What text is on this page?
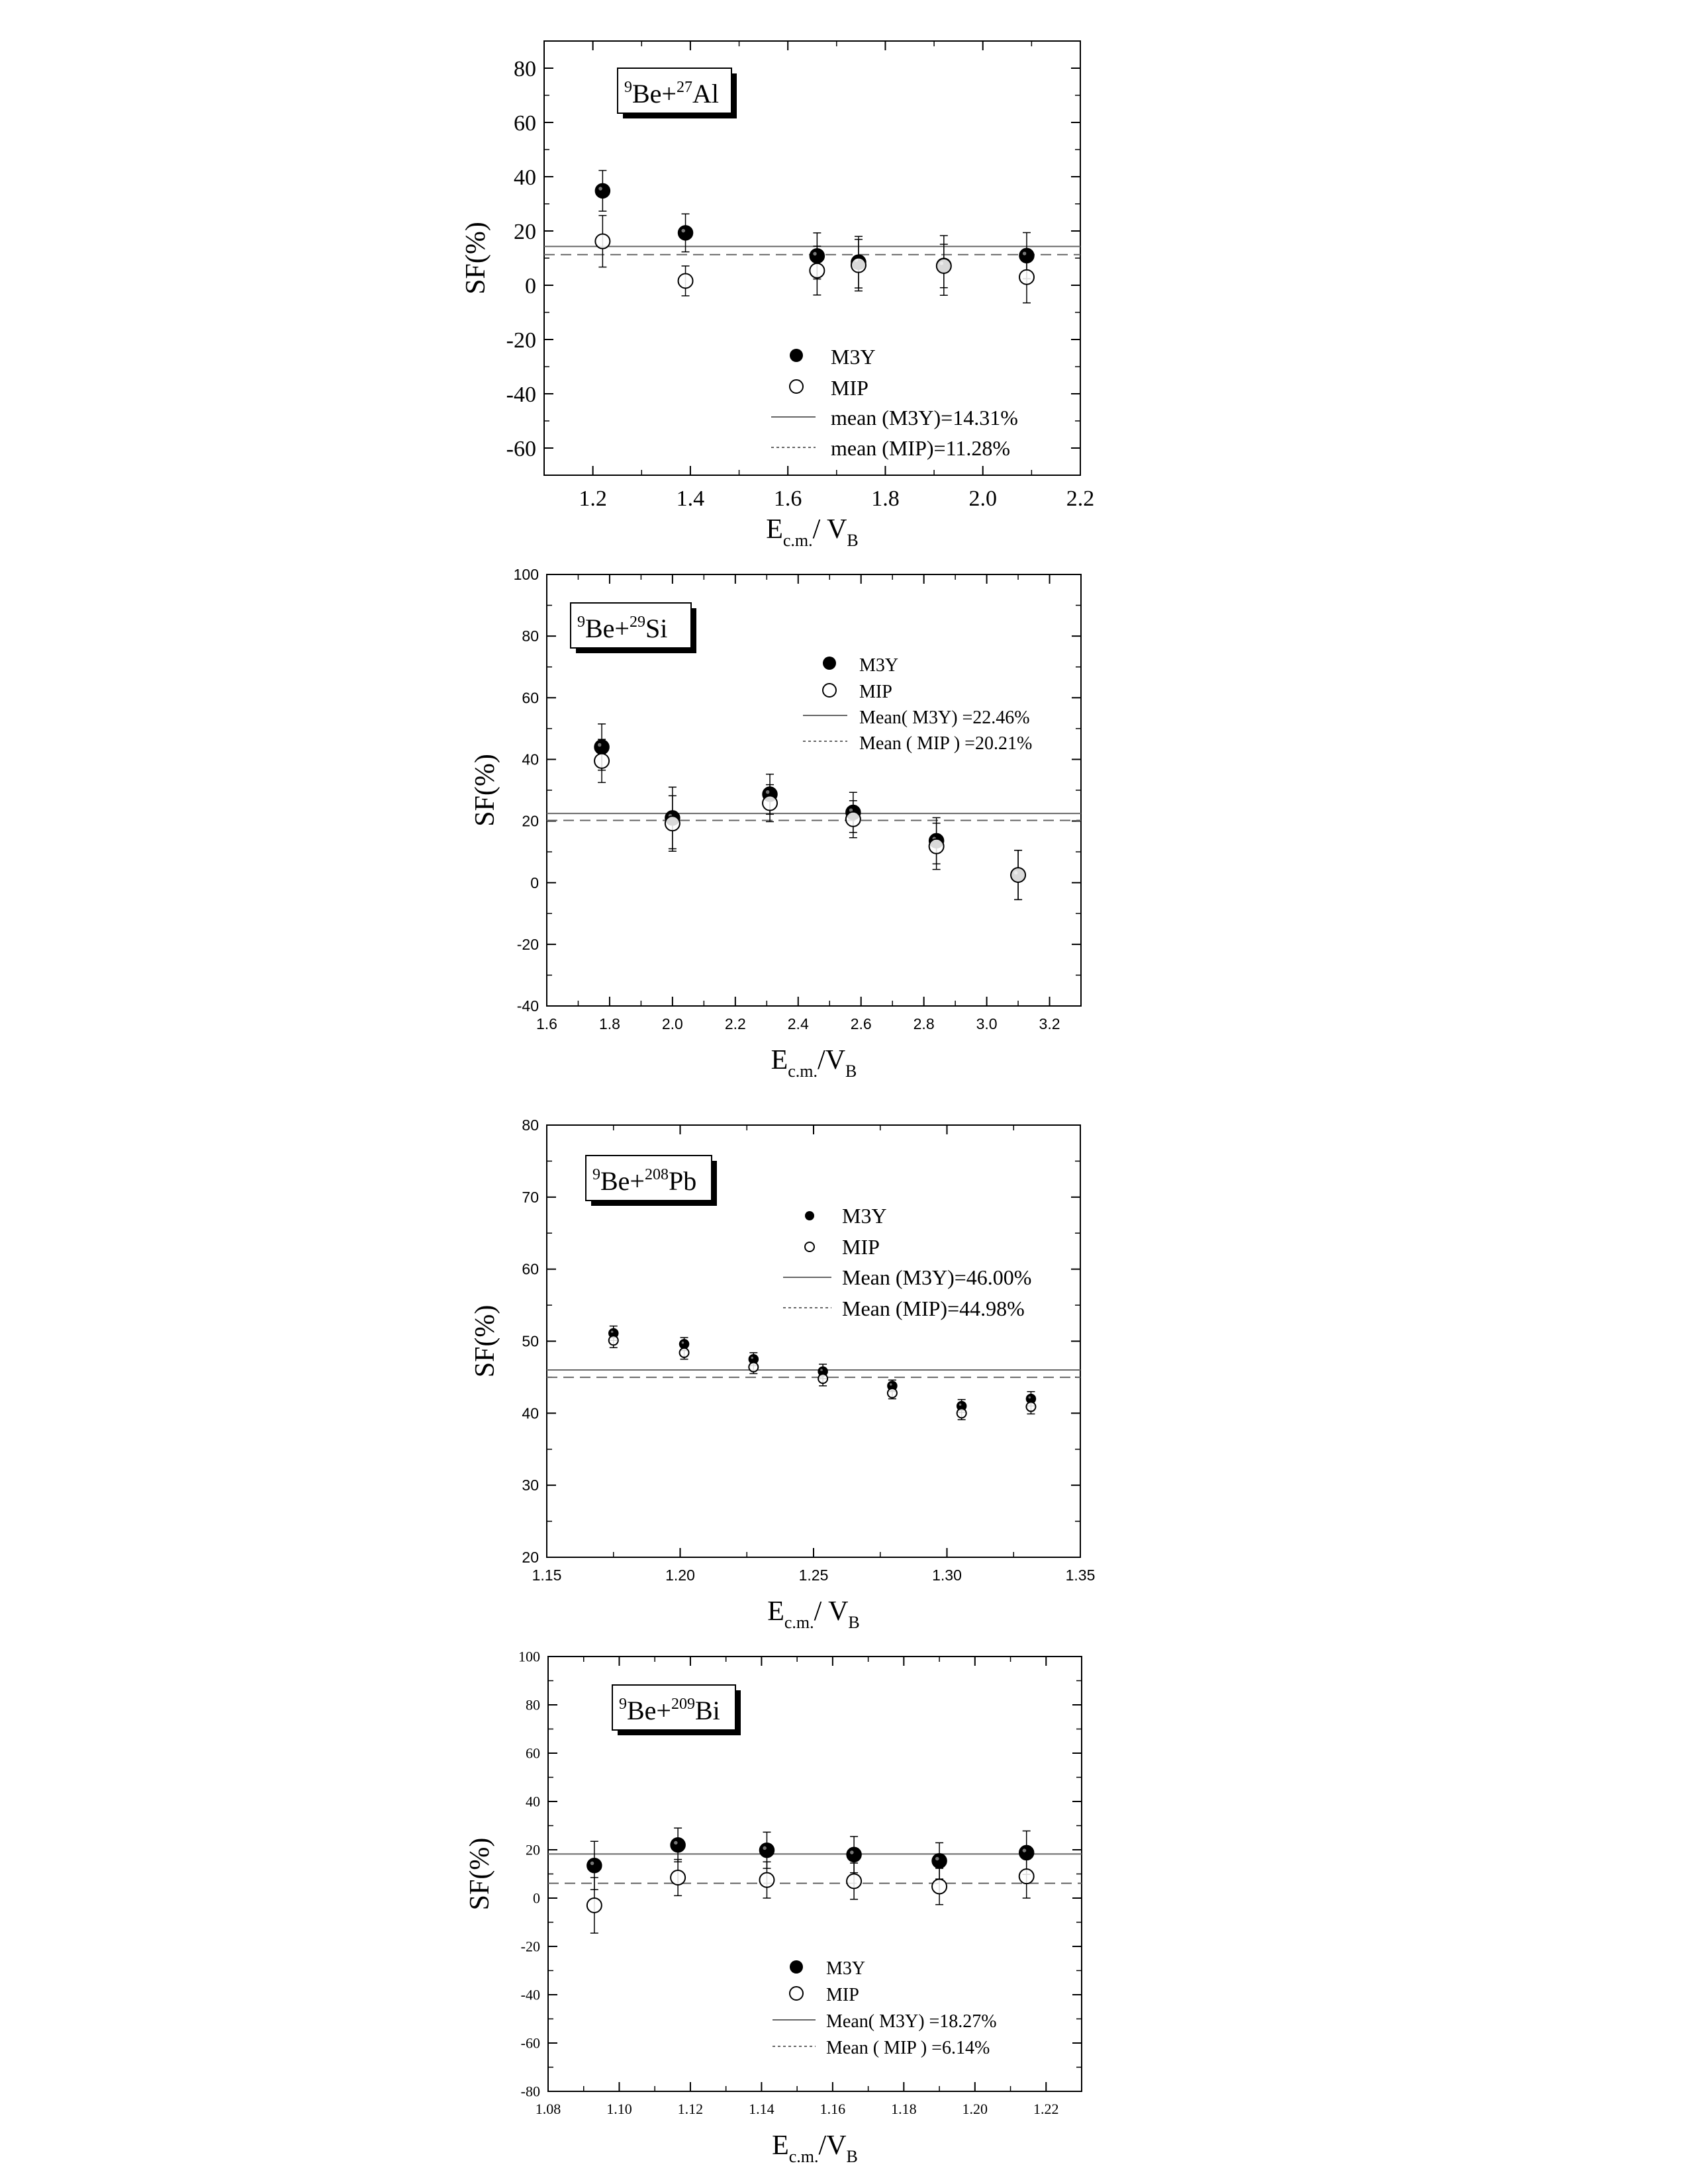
1.2	1.4	1.6	1.8	2.0	2.2
-60
-40
-20
0
20
40
60
80
SF(%)
$E_{c.m.}/$ $V_B$
$^9$Be+$^{27}$Al
M3Y
MIP
mean (M3Y)=14.31%
mean (MIP)=11.28%
1.6	1.8	2.0	2.2	2.4	2.6	2.8	3.0	3.2
-40
-20
0
20
40
60
80
100
SF(%)
$E_{c.m.}/V_B$
$^9$Be+$^{29}$Si
M3Y
MIP
Mean( M3Y) =22.46%
Mean ( MIP ) =20.21%
1.15	1.20	1.25	1.30	1.35
20
30
40
50
60
70
80
SF(%)
$E_{c.m.}/$ $V_B$
$^9$Be+$^{208}$Pb
M3Y
MIP
Mean (M3Y)=46.00%
Mean (MIP)=44.98%
1.08	1.10	1.12	1.14	1.16	1.18	1.20	1.22
-80
-60
-40
-20
0
20
40
60
80
100
SF(%)
$E_{c.m.}/V_B$
$^9$Be+$^{209}$Bi
M3Y
MIP
Mean( M3Y) =18.27%
Mean ( MIP ) =6.14%
